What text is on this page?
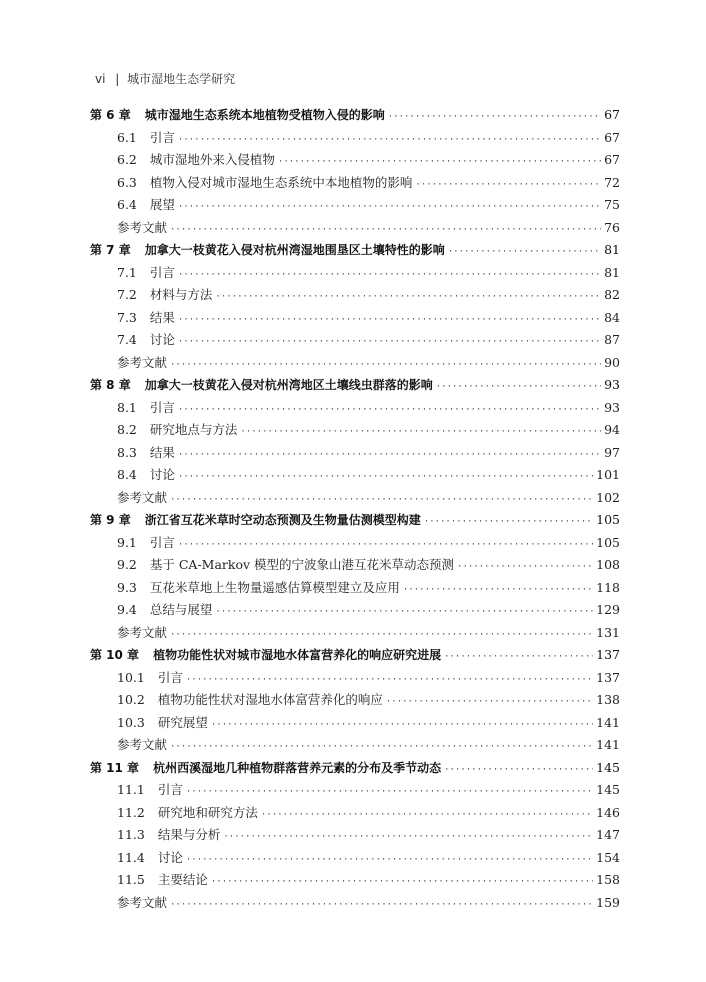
vi | 城市湿地生态学研究
第 6 章 城市湿地生态系统本地植物受植物入侵的影响 ·····	67
6.1 引言 ·····	67
6.2 城市湿地外来入侵植物 ·····	67
6.3 植物入侵对城市湿地生态系统中本地植物的影响 ·····	72
6.4 展望 ·····	75
参考文献 ·····	76
第 7 章 加拿大一枝黄花入侵对杭州湾湿地围垦区土壤特性的影响 ·····	81
7.1 引言 ·····	81
7.2 材料与方法 ·····	82
7.3 结果 ·····	84
7.4 讨论 ·····	87
参考文献 ·····	90
第 8 章 加拿大一枝黄花入侵对杭州湾地区土壤线虫群落的影响 ·····	93
8.1 引言 ·····	93
8.2 研究地点与方法 ·····	94
8.3 结果 ·····	97
8.4 讨论 ·····	101
参考文献 ·····	102
第 9 章 浙江省互花米草时空动态预测及生物量估测模型构建 ·····	105
9.1 引言 ·····	105
9.2 基于 CA-Markov 模型的宁波象山港互花米草动态预测 ·····	108
9.3 互花米草地上生物量遥感估算模型建立及应用 ·····	118
9.4 总结与展望 ·····	129
参考文献 ·····	131
第 10 章 植物功能性状对城市湿地水体富营养化的响应研究进展 ·····	137
10.1 引言 ·····	137
10.2 植物功能性状对湿地水体富营养化的响应 ·····	138
10.3 研究展望 ·····	141
参考文献 ·····	141
第 11 章 杭州西溪湿地几种植物群落营养元素的分布及季节动态 ·····	145
11.1 引言 ·····	145
11.2 研究地和研究方法 ·····	146
11.3 结果与分析 ·····	147
11.4 讨论 ·····	154
11.5 主要结论 ·····	158
参考文献 ·····	159
